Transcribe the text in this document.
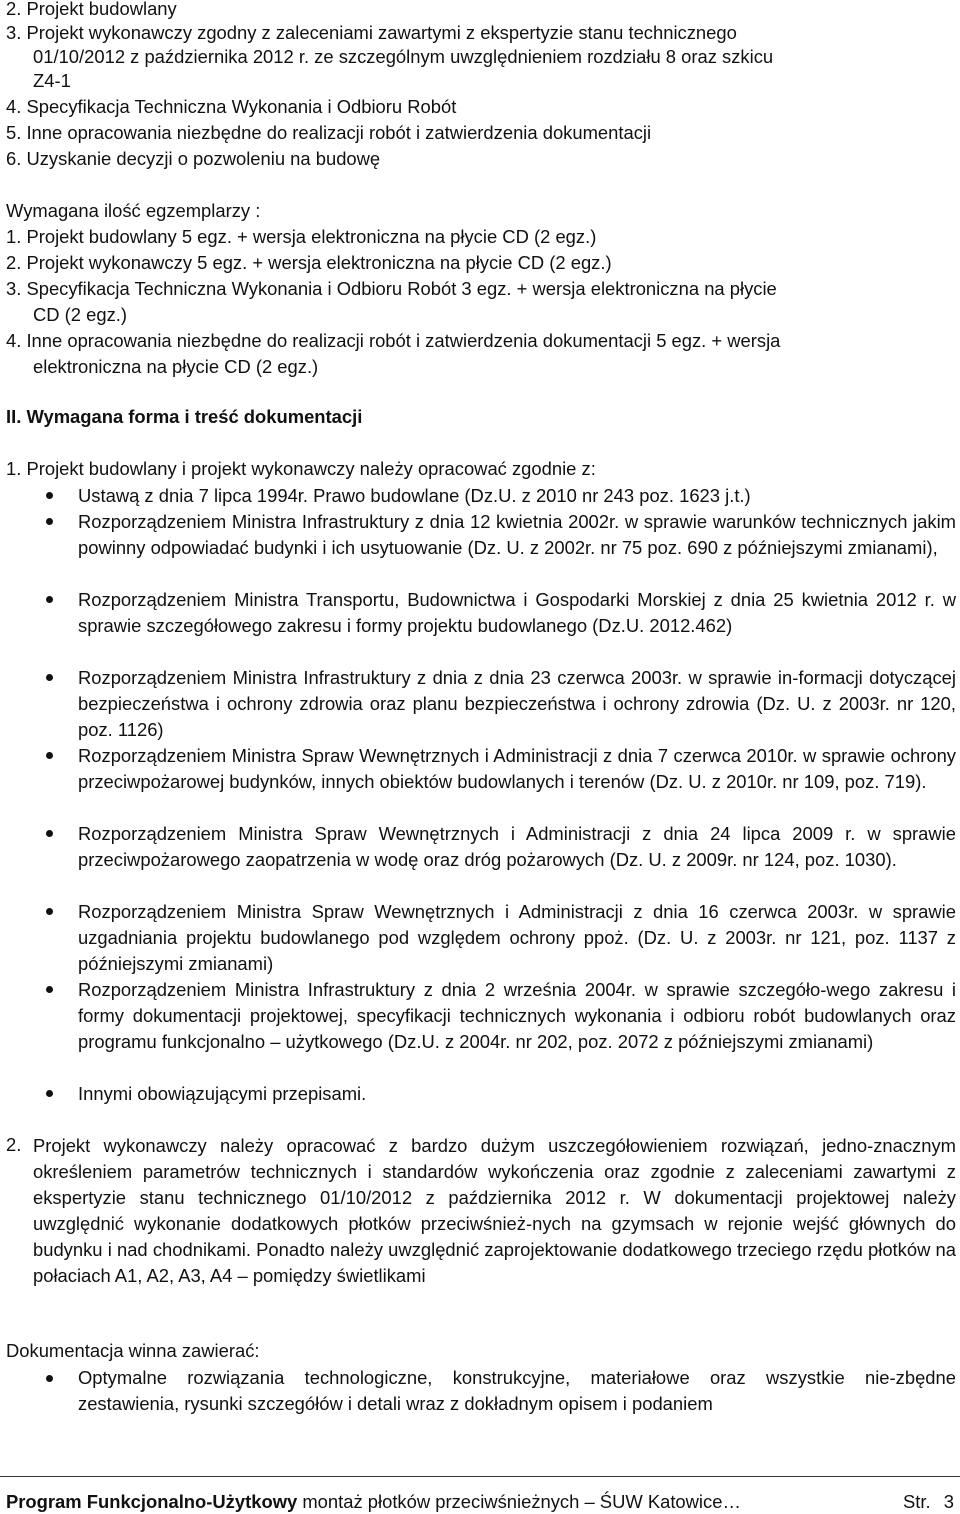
2. Projekt budowlany
3. Projekt wykonawczy zgodny z zaleceniami zawartymi z ekspertyzie stanu technicznego
01/10/2012 z października 2012 r. ze szczególnym uwzględnieniem rozdziału 8 oraz szkicu
Z4-1
4. Specyfikacja Techniczna Wykonania i Odbioru Robót
5. Inne opracowania niezbędne do realizacji robót i zatwierdzenia dokumentacji
6. Uzyskanie decyzji o pozwoleniu na budowę
Wymagana ilość egzemplarzy :
1. Projekt budowlany 5 egz. + wersja elektroniczna na płycie CD (2 egz.)
2. Projekt wykonawczy 5 egz. + wersja elektroniczna na płycie CD (2 egz.)
3. Specyfikacja Techniczna Wykonania i Odbioru Robót 3 egz. + wersja elektroniczna na płycie
CD (2 egz.)
4. Inne opracowania niezbędne do realizacji robót i zatwierdzenia dokumentacji 5 egz. + wersja
elektroniczna na płycie CD (2 egz.)
II. Wymagana forma i treść dokumentacji
1. Projekt budowlany i projekt wykonawczy należy opracować zgodnie z:
Ustawą z dnia 7 lipca 1994r. Prawo budowlane (Dz.U. z 2010 nr 243 poz. 1623 j.t.)
Rozporządzeniem Ministra Infrastruktury z dnia 12 kwietnia 2002r. w sprawie warunków technicznych jakim powinny odpowiadać budynki i ich usytuowanie (Dz. U. z 2002r. nr 75 poz. 690 z późniejszymi zmianami),
Rozporządzeniem Ministra Transportu, Budownictwa i Gospodarki Morskiej z dnia 25 kwietnia 2012 r. w sprawie szczegółowego zakresu i formy projektu budowlanego (Dz.U. 2012.462)
Rozporządzeniem Ministra Infrastruktury z dnia z dnia 23 czerwca 2003r. w sprawie in-formacji dotyczącej bezpieczeństwa i ochrony zdrowia oraz planu bezpieczeństwa i ochrony zdrowia (Dz. U. z 2003r. nr 120, poz. 1126)
Rozporządzeniem Ministra Spraw Wewnętrznych i Administracji z dnia 7 czerwca 2010r. w sprawie ochrony przeciwpożarowej budynków, innych obiektów budowlanych i terenów (Dz. U. z 2010r. nr 109, poz. 719).
Rozporządzeniem Ministra Spraw Wewnętrznych i Administracji z dnia 24 lipca 2009 r. w sprawie przeciwpożarowego zaopatrzenia w wodę oraz dróg pożarowych (Dz. U. z 2009r. nr 124, poz. 1030).
Rozporządzeniem Ministra Spraw Wewnętrznych i Administracji z dnia 16 czerwca 2003r. w sprawie uzgadniania projektu budowlanego pod względem ochrony ppoż. (Dz. U. z 2003r. nr 121, poz. 1137 z późniejszymi zmianami)
Rozporządzeniem Ministra Infrastruktury z dnia 2 września 2004r. w sprawie szczegóło-wego zakresu i formy dokumentacji projektowej, specyfikacji technicznych wykonania i odbioru robót budowlanych oraz programu funkcjonalno – użytkowego (Dz.U. z 2004r. nr 202, poz. 2072 z późniejszymi zmianami)
Innymi obowiązującymi przepisami.
2. Projekt wykonawczy należy opracować z bardzo dużym uszczegółowieniem rozwiązań, jedno-znacznym określeniem parametrów technicznych i standardów wykończenia oraz zgodnie z zaleceniami zawartymi z ekspertyzie stanu technicznego 01/10/2012 z października 2012 r. W dokumentacji projektowej należy uwzględnić wykonanie dodatkowych płotków przeciwśnież-nych na gzymsach w rejonie wejść głównych do budynku i nad chodnikami. Ponadto należy uwzględnić zaprojektowanie dodatkowego trzeciego rzędu płotków na połaciach A1, A2, A3, A4 – pomiędzy świetlikami
Dokumentacja winna zawierać:
Optymalne rozwiązania technologiczne, konstrukcyjne, materiałowe oraz wszystkie nie-zbędne zestawienia, rysunki szczegółów i detali wraz z dokładnym opisem i podaniem
Program Funkcjonalno-Użytkowy montaż płotków przeciwśnieżnych – ŚUW Katowice…	Str. 3
